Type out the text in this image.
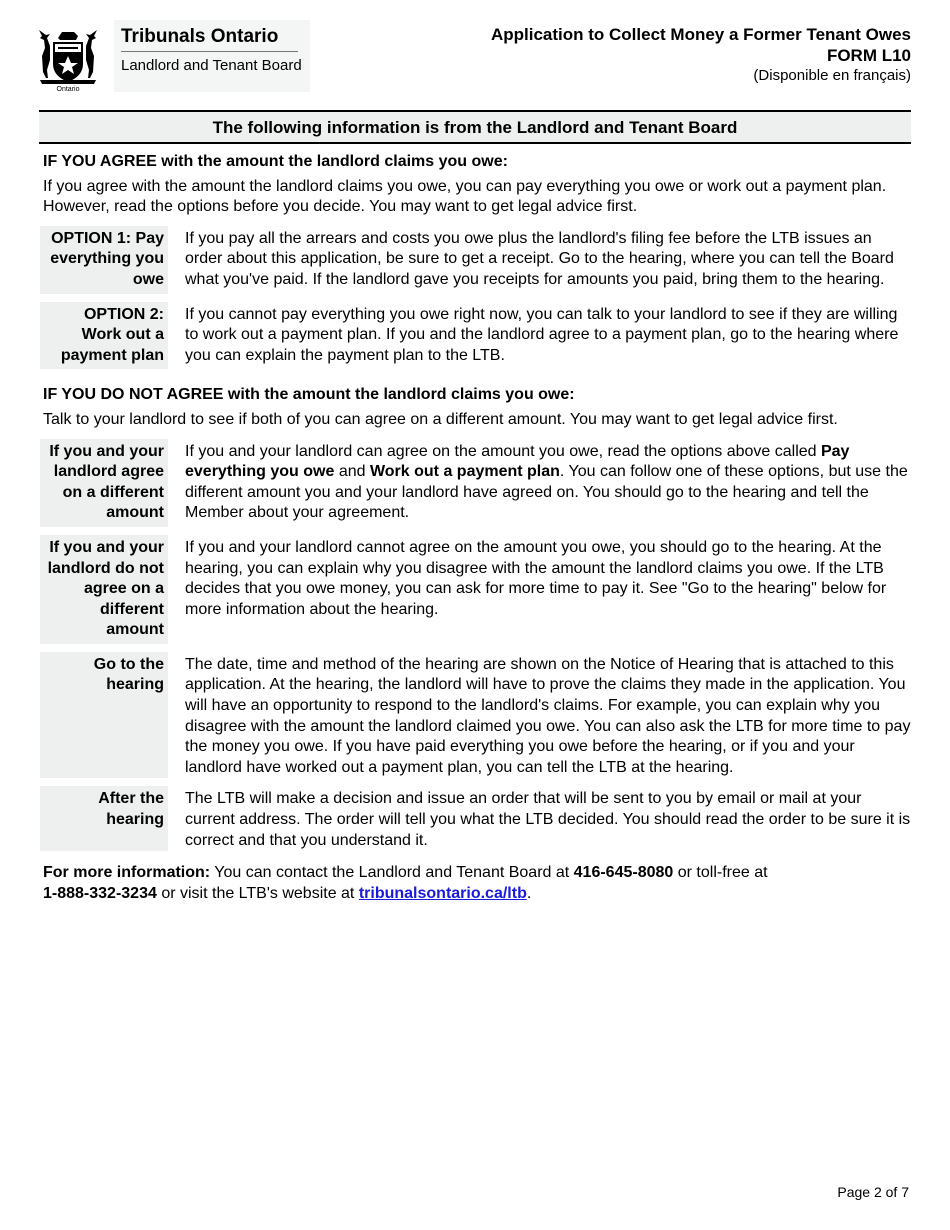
Ontario
Tribunals Ontario
Landlord and Tenant Board
Application to Collect Money a Former Tenant Owes
FORM L10
(Disponible en français)
The following information is from the Landlord and Tenant Board

IF YOU AGREE with the amount the landlord claims you owe:

If you agree with the amount the landlord claims you owe, you can pay everything you owe or work out a payment plan. However, read the options before you decide. You may want to get legal advice first.

OPTION 1: Pay everything you owe
If you pay all the arrears and costs you owe plus the landlord's filing fee before the LTB issues an order about this application, be sure to get a receipt. Go to the hearing, where you can tell the Board what you've paid. If the landlord gave you receipts for amounts you paid, bring them to the hearing.
OPTION 2: Work out a payment plan
If you cannot pay everything you owe right now, you can talk to your landlord to see if they are willing to work out a payment plan. If you and the landlord agree to a payment plan, go to the hearing where you can explain the payment plan to the LTB.

IF YOU DO NOT AGREE with the amount the landlord claims you owe:

Talk to your landlord to see if both of you can agree on a different amount. You may want to get legal advice first.

If you and your landlord agree on a different amount
If you and your landlord can agree on the amount you owe, read the options above called Pay everything you owe and Work out a payment plan. You can follow one of these options, but use the different amount you and your landlord have agreed on. You should go to the hearing and tell the Member about your agreement.
If you and your landlord do not agree on a different amount
If you and your landlord cannot agree on the amount you owe, you should go to the hearing. At the hearing, you can explain why you disagree with the amount the landlord claims you owe. If the LTB decides that you owe money, you can ask for more time to pay it. See "Go to the hearing" below for more information about the hearing.
Go to the hearing
The date, time and method of the hearing are shown on the Notice of Hearing that is attached to this application. At the hearing, the landlord will have to prove the claims they made in the application. You will have an opportunity to respond to the landlord's claims. For example, you can explain why you disagree with the amount the landlord claimed you owe. You can also ask the LTB for more time to pay the money you owe. If you have paid everything you owe before the hearing, or if you and your landlord have worked out a payment plan, you can tell the LTB at the hearing.
After the hearing
The LTB will make a decision and issue an order that will be sent to you by email or mail at your current address. The order will tell you what the LTB decided. You should read the order to be sure it is correct and that you understand it.

For more information: You can contact the Landlord and Tenant Board at 416-645-8080 or toll-free at
1-888-332-3234 or visit the LTB's website at tribunalsontario.ca/ltb.

Page 2 of 7
